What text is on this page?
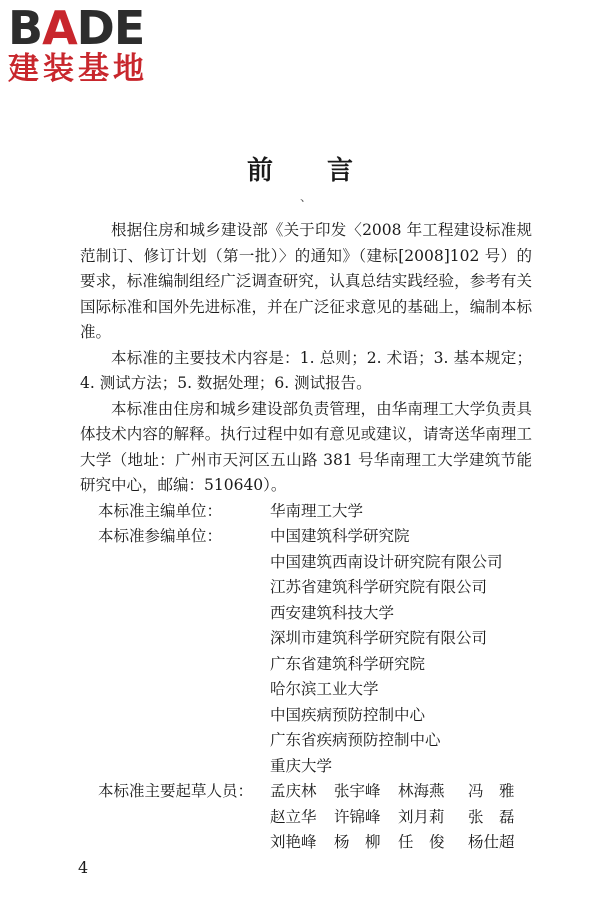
BADE
建装基地
前言
、

根据住房和城乡建设部《关于印发〈2008 年工程建设标准规范制订、修订计划（第一批）〉的通知》（建标[2008]102 号）的要求，标准编制组经广泛调查研究，认真总结实践经验，参考有关国际标准和国外先进标准，并在广泛征求意见的基础上，编制本标准。

本标准的主要技术内容是：1. 总则；2. 术语；3. 基本规定；4. 测试方法；5. 数据处理；6. 测试报告。

本标准由住房和城乡建设部负责管理，由华南理工大学负责具体技术内容的解释。执行过程中如有意见或建议，请寄送华南理工大学（地址：广州市天河区五山路 381 号华南理工大学建筑节能研究中心，邮编：510640）。

本标准主编单位：	华南理工大学
本标准参编单位：	中国建筑科学研究院
中国建筑西南设计研究院有限公司
江苏省建筑科学研究院有限公司
西安建筑科技大学
深圳市建筑科学研究院有限公司
广东省建筑科学研究院
哈尔滨工业大学
中国疾病预防控制中心
广东省疾病预防控制中心
重庆大学
本标准主要起草人员：	孟庆林	张宇峰	林海燕	冯　雅
赵立华	许锦峰	刘月莉	张　磊
刘艳峰	杨　柳	任　俊	杨仕超
4
